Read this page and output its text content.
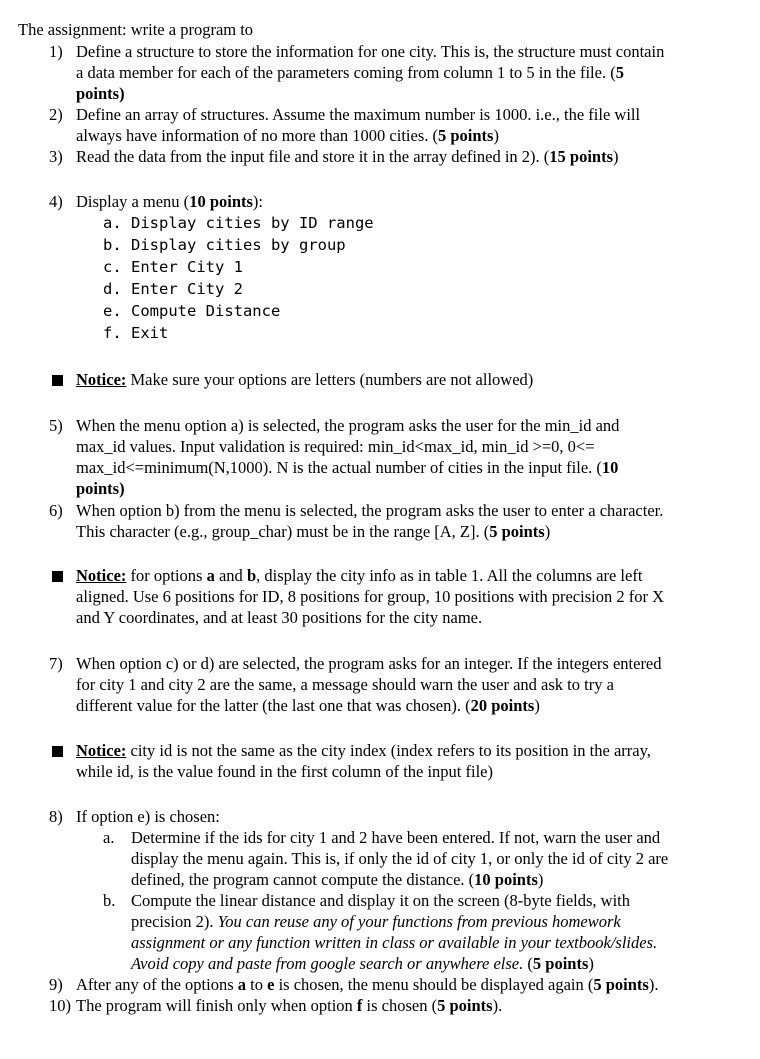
The assignment: write a program to
1) Define a structure to store the information for one city. This is, the structure must contain
a data member for each of the parameters coming from column 1 to 5 in the file. (5
points)
2) Define an array of structures. Assume the maximum number is 1000. i.e., the file will
always have information of no more than 1000 cities. (5 points)
3) Read the data from the input file and store it in the array defined in 2). (15 points)
4) Display a menu (10 points):
a. Display cities by ID range
b. Display cities by group
c. Enter City 1
d. Enter City 2
e. Compute Distance
f. Exit
Notice: Make sure your options are letters (numbers are not allowed)
5) When the menu option a) is selected, the program asks the user for the min_id and
max_id values. Input validation is required: min_id<max_id, min_id >=0, 0<=
max_id<=minimum(N,1000). N is the actual number of cities in the input file. (10
points)
6) When option b) from the menu is selected, the program asks the user to enter a character.
This character (e.g., group_char) must be in the range [A, Z]. (5 points)
Notice: for options a and b, display the city info as in table 1. All the columns are left
aligned. Use 6 positions for ID, 8 positions for group, 10 positions with precision 2 for X
and Y coordinates, and at least 30 positions for the city name.
7) When option c) or d) are selected, the program asks for an integer. If the integers entered
for city 1 and city 2 are the same, a message should warn the user and ask to try a
different value for the latter (the last one that was chosen). (20 points)
Notice: city id is not the same as the city index (index refers to its position in the array,
while id, is the value found in the first column of the input file)
8) If option e) is chosen:
a. Determine if the ids for city 1 and 2 have been entered. If not, warn the user and
display the menu again. This is, if only the id of city 1, or only the id of city 2 are
defined, the program cannot compute the distance. (10 points)
b. Compute the linear distance and display it on the screen (8-byte fields, with
precision 2). You can reuse any of your functions from previous homework
assignment or any function written in class or available in your textbook/slides.
Avoid copy and paste from google search or anywhere else. (5 points)
9) After any of the options a to e is chosen, the menu should be displayed again (5 points).
10) The program will finish only when option f is chosen (5 points).
